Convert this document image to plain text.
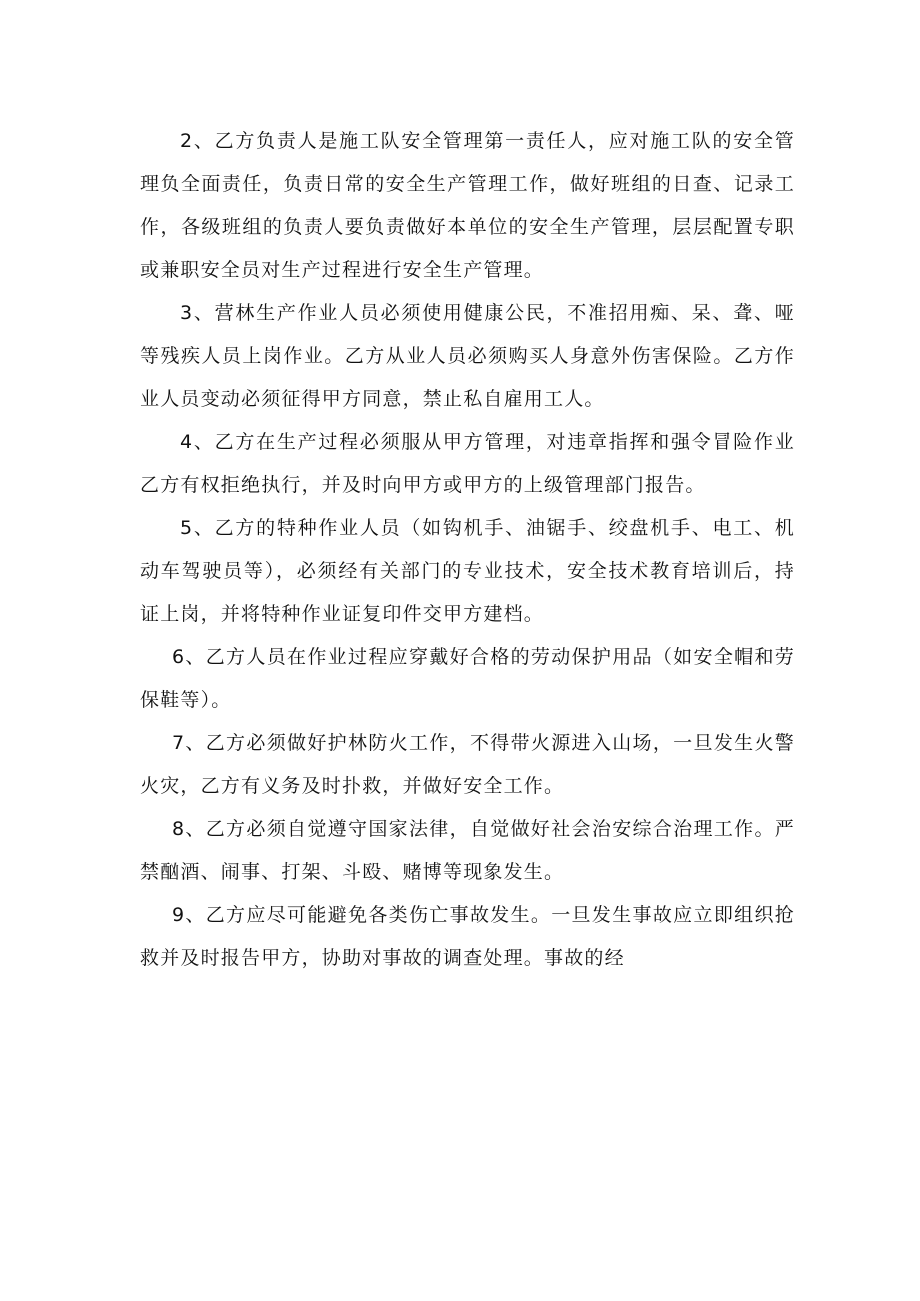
2、乙方负责人是施工队安全管理第一责任人，应对施工队的安全管理负全面责任，负责日常的安全生产管理工作，做好班组的日查、记录工作，各级班组的负责人要负责做好本单位的安全生产管理，层层配置专职或兼职安全员对生产过程进行安全生产管理。

3、营林生产作业人员必须使用健康公民，不准招用痴、呆、聋、哑等残疾人员上岗作业。乙方从业人员必须购买人身意外伤害保险。乙方作业人员变动必须征得甲方同意，禁止私自雇用工人。

4、乙方在生产过程必须服从甲方管理，对违章指挥和强令冒险作业乙方有权拒绝执行，并及时向甲方或甲方的上级管理部门报告。

5、乙方的特种作业人员（如钩机手、油锯手、绞盘机手、电工、机动车驾驶员等），必须经有关部门的专业技术，安全技术教育培训后，持证上岗，并将特种作业证复印件交甲方建档。

6、乙方人员在作业过程应穿戴好合格的劳动保护用品（如安全帽和劳保鞋等）。

7、乙方必须做好护林防火工作，不得带火源进入山场，一旦发生火警火灾，乙方有义务及时扑救，并做好安全工作。

8、乙方必须自觉遵守国家法律，自觉做好社会治安综合治理工作。严禁酗酒、闹事、打架、斗殴、赌博等现象发生。

9、乙方应尽可能避免各类伤亡事故发生。一旦发生事故应立即组织抢救并及时报告甲方，协助对事故的调查处理。事故的经
